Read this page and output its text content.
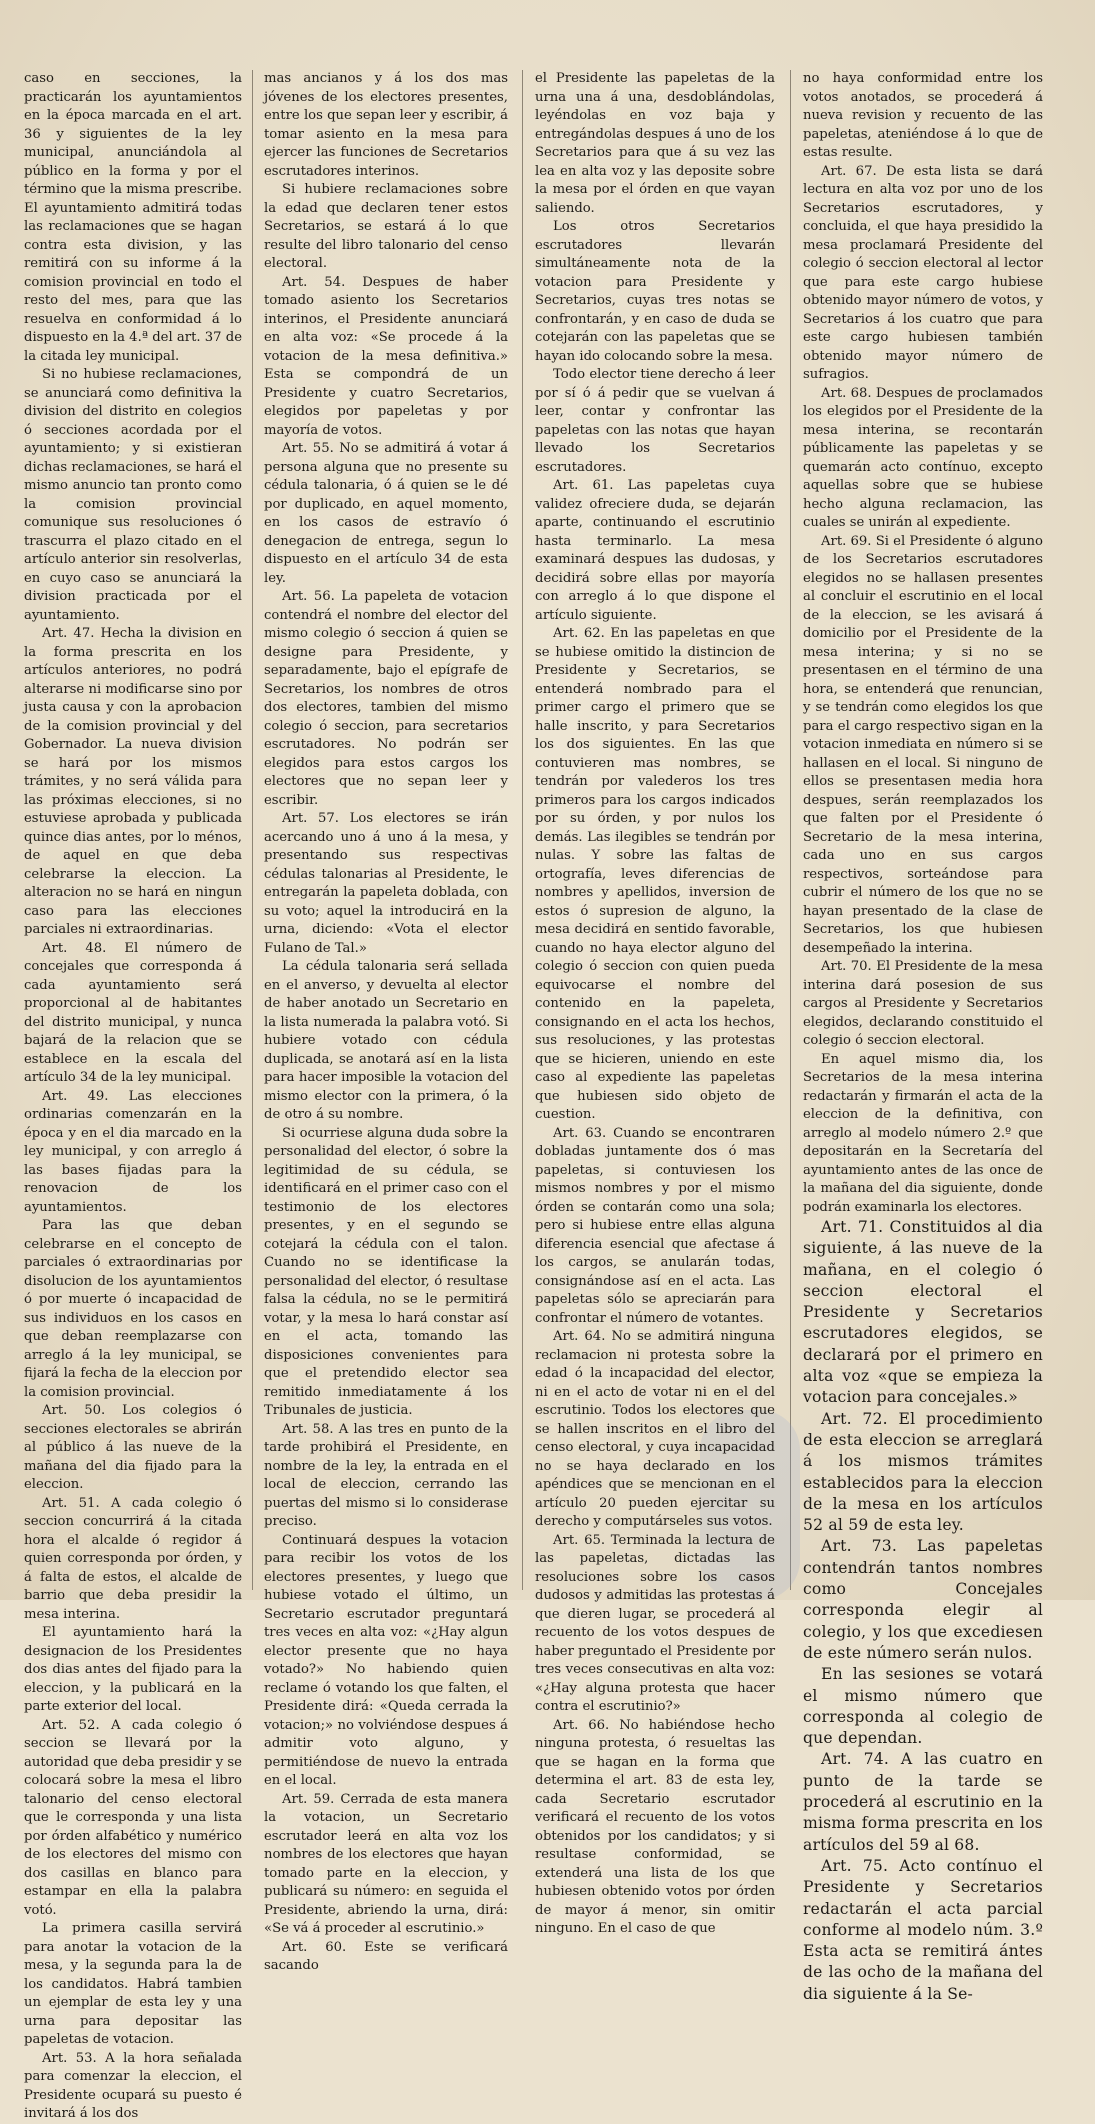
caso en secciones, la practicarán los ayuntamientos en la época marcada en el art. 36 y siguientes de la ley municipal, anunciándola al público en la forma y por el término que la misma prescribe. El ayuntamiento admitirá todas las reclamaciones que se hagan contra esta division, y las remitirá con su informe á la comision provincial en todo el resto del mes, para que las resuelva en conformidad á lo dispuesto en la 4.ª del art. 37 de la citada ley municipal.

Si no hubiese reclamaciones, se anunciará como definitiva la division del distrito en colegios ó secciones acordada por el ayuntamiento; y si existieran dichas reclamaciones, se hará el mismo anuncio tan pronto como la comision provincial comunique sus resoluciones ó trascurra el plazo citado en el artículo anterior sin resolverlas, en cuyo caso se anunciará la division practicada por el ayuntamiento.

Art. 47. Hecha la division en la forma prescrita en los artículos anteriores, no podrá alterarse ni modificarse sino por justa causa y con la aprobacion de la comision provincial y del Gobernador. La nueva division se hará por los mismos trámites, y no será válida para las próximas elecciones, si no estuviese aprobada y publicada quince dias antes, por lo ménos, de aquel en que deba celebrarse la eleccion. La alteracion no se hará en ningun caso para las elecciones parciales ni extraordinarias.

Art. 48. El número de concejales que corresponda á cada ayuntamiento será proporcional al de habitantes del distrito municipal, y nunca bajará de la relacion que se establece en la escala del artículo 34 de la ley municipal.

Art. 49. Las elecciones ordinarias comenzarán en la época y en el dia marcado en la ley municipal, y con arreglo á las bases fijadas para la renovacion de los ayuntamientos.

Para las que deban celebrarse en el concepto de parciales ó extraordinarias por disolucion de los ayuntamientos ó por muerte ó incapacidad de sus individuos en los casos en que deban reemplazarse con arreglo á la ley municipal, se fijará la fecha de la eleccion por la comision provincial.

Art. 50. Los colegios ó secciones electorales se abrirán al público á las nueve de la mañana del dia fijado para la eleccion.

Art. 51. A cada colegio ó seccion concurrirá á la citada hora el alcalde ó regidor á quien corresponda por órden, y á falta de estos, el alcalde de barrio que deba presidir la mesa interina.

El ayuntamiento hará la designacion de los Presidentes dos dias antes del fijado para la eleccion, y la publicará en la parte exterior del local.

Art. 52. A cada colegio ó seccion se llevará por la autoridad que deba presidir y se colocará sobre la mesa el libro talonario del censo electoral que le corresponda y una lista por órden alfabético y numérico de los electores del mismo con dos casillas en blanco para estampar en ella la palabra votó.

La primera casilla servirá para anotar la votacion de la mesa, y la segunda para la de los candidatos. Habrá tambien un ejemplar de esta ley y una urna para depositar las papeletas de votacion.

Art. 53. A la hora señalada para comenzar la eleccion, el Presidente ocupará su puesto é invitará á los dos

mas ancianos y á los dos mas jóvenes de los electores presentes, entre los que sepan leer y escribir, á tomar asiento en la mesa para ejercer las funciones de Secretarios escrutadores interinos.

Si hubiere reclamaciones sobre la edad que declaren tener estos Secretarios, se estará á lo que resulte del libro talonario del censo electoral.

Art. 54. Despues de haber tomado asiento los Secretarios interinos, el Presidente anunciará en alta voz: «Se procede á la votacion de la mesa definitiva.» Esta se compondrá de un Presidente y cuatro Secretarios, elegidos por papeletas y por mayoría de votos.

Art. 55. No se admitirá á votar á persona alguna que no presente su cédula talonaria, ó á quien se le dé por duplicado, en aquel momento, en los casos de estravío ó denegacion de entrega, segun lo dispuesto en el artículo 34 de esta ley.

Art. 56. La papeleta de votacion contendrá el nombre del elector del mismo colegio ó seccion á quien se designe para Presidente, y separadamente, bajo el epígrafe de Secretarios, los nombres de otros dos electores, tambien del mismo colegio ó seccion, para secretarios escrutadores. No podrán ser elegidos para estos cargos los electores que no sepan leer y escribir.

Art. 57. Los electores se irán acercando uno á uno á la mesa, y presentando sus respectivas cédulas talonarias al Presidente, le entregarán la papeleta doblada, con su voto; aquel la introducirá en la urna, diciendo: «Vota el elector Fulano de Tal.»

La cédula talonaria será sellada en el anverso, y devuelta al elector de haber anotado un Secretario en la lista numerada la palabra votó. Si hubiere votado con cédula duplicada, se anotará así en la lista para hacer imposible la votacion del mismo elector con la primera, ó la de otro á su nombre.

Si ocurriese alguna duda sobre la personalidad del elector, ó sobre la legitimidad de su cédula, se identificará en el primer caso con el testimonio de los electores presentes, y en el segundo se cotejará la cédula con el talon. Cuando no se identificase la personalidad del elector, ó resultase falsa la cédula, no se le permitirá votar, y la mesa lo hará constar así en el acta, tomando las disposiciones convenientes para que el pretendido elector sea remitido inmediatamente á los Tribunales de justicia.

Art. 58. A las tres en punto de la tarde prohibirá el Presidente, en nombre de la ley, la entrada en el local de eleccion, cerrando las puertas del mismo si lo considerase preciso.

Continuará despues la votacion para recibir los votos de los electores presentes, y luego que hubiese votado el último, un Secretario escrutador preguntará tres veces en alta voz: «¿Hay algun elector presente que no haya votado?» No habiendo quien reclame ó votando los que falten, el Presidente dirá: «Queda cerrada la votacion;» no volviéndose despues á admitir voto alguno, y permitiéndose de nuevo la entrada en el local.

Art. 59. Cerrada de esta manera la votacion, un Secretario escrutador leerá en alta voz los nombres de los electores que hayan tomado parte en la eleccion, y publicará su número: en seguida el Presidente, abriendo la urna, dirá: «Se vá á proceder al escrutinio.»

Art. 60. Este se verificará sacando

el Presidente las papeletas de la urna una á una, desdoblándolas, leyéndolas en voz baja y entregándolas despues á uno de los Secretarios para que á su vez las lea en alta voz y las deposite sobre la mesa por el órden en que vayan saliendo.

Los otros Secretarios escrutadores llevarán simultáneamente nota de la votacion para Presidente y Secretarios, cuyas tres notas se confrontarán, y en caso de duda se cotejarán con las papeletas que se hayan ido colocando sobre la mesa.

Todo elector tiene derecho á leer por sí ó á pedir que se vuelvan á leer, contar y confrontar las papeletas con las notas que hayan llevado los Secretarios escrutadores.

Art. 61. Las papeletas cuya validez ofreciere duda, se dejarán aparte, continuando el escrutinio hasta terminarlo. La mesa examinará despues las dudosas, y decidirá sobre ellas por mayoría con arreglo á lo que dispone el artículo siguiente.

Art. 62. En las papeletas en que se hubiese omitido la distincion de Presidente y Secretarios, se entenderá nombrado para el primer cargo el primero que se halle inscrito, y para Secretarios los dos siguientes. En las que contuvieren mas nombres, se tendrán por valederos los tres primeros para los cargos indicados por su órden, y por nulos los demás. Las ilegibles se tendrán por nulas. Y sobre las faltas de ortografía, leves diferencias de nombres y apellidos, inversion de estos ó supresion de alguno, la mesa decidirá en sentido favorable, cuando no haya elector alguno del colegio ó seccion con quien pueda equivocarse el nombre del contenido en la papeleta, consignando en el acta los hechos, sus resoluciones, y las protestas que se hicieren, uniendo en este caso al expediente las papeletas que hubiesen sido objeto de cuestion.

Art. 63. Cuando se encontraren dobladas juntamente dos ó mas papeletas, si contuviesen los mismos nombres y por el mismo órden se contarán como una sola; pero si hubiese entre ellas alguna diferencia esencial que afectase á los cargos, se anularán todas, consignándose así en el acta. Las papeletas sólo se apreciarán para confrontar el número de votantes.

Art. 64. No se admitirá ninguna reclamacion ni protesta sobre la edad ó la incapacidad del elector, ni en el acto de votar ni en el del escrutinio. Todos los electores que se hallen inscritos en el libro del censo electoral, y cuya incapacidad no se haya declarado en los apéndices que se mencionan en el artículo 20 pueden ejercitar su derecho y computárseles sus votos.

Art. 65. Terminada la lectura de las papeletas, dictadas las resoluciones sobre los casos dudosos y admitidas las protestas á que dieren lugar, se procederá al recuento de los votos despues de haber preguntado el Presidente por tres veces consecutivas en alta voz: «¿Hay alguna protesta que hacer contra el escrutinio?»

Art. 66. No habiéndose hecho ninguna protesta, ó resueltas las que se hagan en la forma que determina el art. 83 de esta ley, cada Secretario escrutador verificará el recuento de los votos obtenidos por los candidatos; y si resultase conformidad, se extenderá una lista de los que hubiesen obtenido votos por órden de mayor á menor, sin omitir ninguno. En el caso de que

no haya conformidad entre los votos anotados, se procederá á nueva revision y recuento de las papeletas, ateniéndose á lo que de estas resulte.

Art. 67. De esta lista se dará lectura en alta voz por uno de los Secretarios escrutadores, y concluida, el que haya presidido la mesa proclamará Presidente del colegio ó seccion electoral al lector que para este cargo hubiese obtenido mayor número de votos, y Secretarios á los cuatro que para este cargo hubiesen también obtenido mayor número de sufragios.

Art. 68. Despues de proclamados los elegidos por el Presidente de la mesa interina, se recontarán públicamente las papeletas y se quemarán acto contínuo, excepto aquellas sobre que se hubiese hecho alguna reclamacion, las cuales se unirán al expediente.

Art. 69. Si el Presidente ó alguno de los Secretarios escrutadores elegidos no se hallasen presentes al concluir el escrutinio en el local de la eleccion, se les avisará á domicilio por el Presidente de la mesa interina; y si no se presentasen en el término de una hora, se entenderá que renuncian, y se tendrán como elegidos los que para el cargo respectivo sigan en la votacion inmediata en número si se hallasen en el local. Si ninguno de ellos se presentasen media hora despues, serán reemplazados los que falten por el Presidente ó Secretario de la mesa interina, cada uno en sus cargos respectivos, sorteándose para cubrir el número de los que no se hayan presentado de la clase de Secretarios, los que hubiesen desempeñado la interina.

Art. 70. El Presidente de la mesa interina dará posesion de sus cargos al Presidente y Secretarios elegidos, declarando constituido el colegio ó seccion electoral.

En aquel mismo dia, los Secretarios de la mesa interina redactarán y firmarán el acta de la eleccion de la definitiva, con arreglo al modelo número 2.º que depositarán en la Secretaría del ayuntamiento antes de las once de la mañana del dia siguiente, donde podrán examinarla los electores.

Art. 71. Constituidos al dia siguiente, á las nueve de la mañana, en el colegio ó seccion electoral el Presidente y Secretarios escrutadores elegidos, se declarará por el primero en alta voz «que se empieza la votacion para concejales.»

Art. 72. El procedimiento de esta eleccion se arreglará á los mismos trámites establecidos para la eleccion de la mesa en los artículos 52 al 59 de esta ley.

Art. 73. Las papeletas contendrán tantos nombres como Concejales corresponda elegir al colegio, y los que excediesen de este número serán nulos.

En las sesiones se votará el mismo número que corresponda al colegio de que dependan.

Art. 74. A las cuatro en punto de la tarde se procederá al escrutinio en la misma forma prescrita en los artículos del 59 al 68.

Art. 75. Acto contínuo el Presidente y Secretarios redactarán el acta parcial conforme al modelo núm. 3.º Esta acta se remitirá ántes de las ocho de la mañana del dia siguiente á la Se-
